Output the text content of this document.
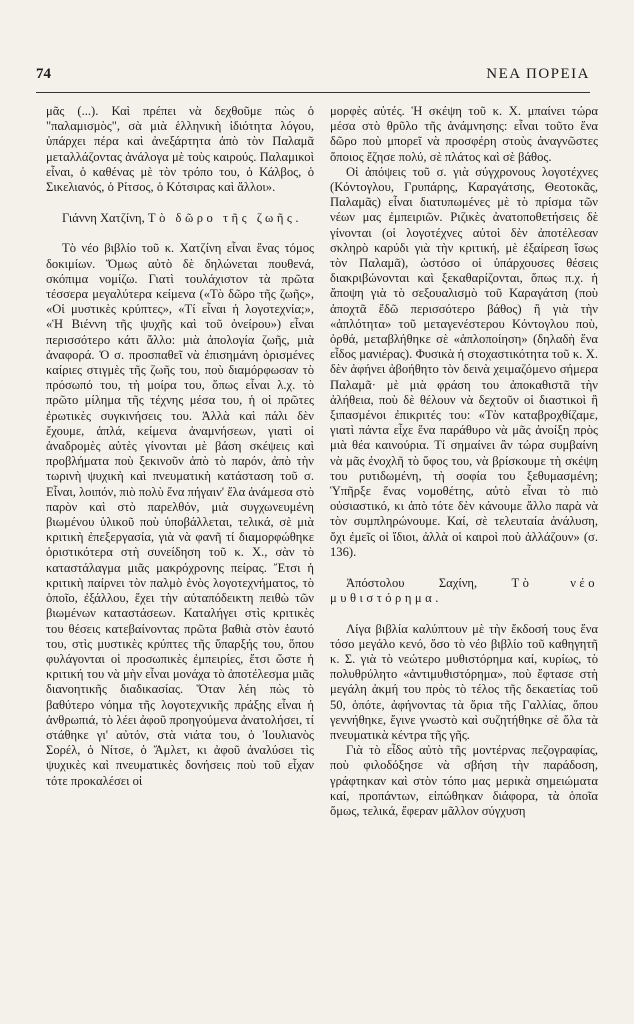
74	ΝΕΑ ΠΟΡΕΙΑ

μᾶς (...). Καὶ πρέπει νὰ δεχθοῦμε πὼς ὁ "παλαμισμὸς", σὰ μιὰ ἑλληνικὴ ἰδιότητα λόγου, ὑπάρχει πέρα καὶ ἀνεξάρτητα ἀπὸ τὸν Παλαμᾶ μεταλλάζοντας ἀνάλογα μὲ τοὺς καιρούς. Παλαμικοὶ εἶναι, ὁ καθένας μὲ τὸν τρόπο του, ὁ Κάλβος, ὁ Σικελιανός, ὁ Ρίτσος, ὁ Κότσιρας καὶ ἄλλοι».

Γιάννη Χατζίνη, Τὸ δῶρο τῆς ζωῆς.

Τὸ νέο βιβλίο τοῦ κ. Χατζίνη εἶναι ἕνας τόμος δοκιμίων. Ὅμως αὐτὸ δὲ δηλώνεται πουθενά, σκόπιμα νομίζω. Γιατὶ τουλάχιστον τὰ πρῶτα τέσσερα μεγαλύτερα κείμενα («Τὸ δῶρο τῆς ζωῆς», «Οἱ μυστικὲς κρύπτες», «Τί εἶναι ἡ λογοτεχνία;», «Ἡ Βιέννη τῆς ψυχῆς καὶ τοῦ ὀνείρου») εἶναι περισσότερο κάτι ἄλλο: μιὰ ἀπολογία ζωῆς, μιὰ ἀναφορά. Ὁ σ. προσπαθεῖ νὰ ἐπισημάνη ὁρισμένες καίριες στιγμὲς τῆς ζωῆς του, ποὺ διαμόρφωσαν τὸ πρόσωπό του, τὴ μοίρα του, ὅπως εἶναι λ.χ. τὸ πρῶτο μίλημα τῆς τέχνης μέσα του, ἡ οἱ πρῶτες ἐρωτικὲς συγκινήσεις του. Ἀλλὰ καὶ πάλι δὲν ἔχουμε, ἁπλά, κείμενα ἀναμνήσεων, γιατὶ οἱ ἀναδρομὲς αὐτὲς γίνονται μὲ βάση σκέψεις καὶ προβλήματα ποὺ ξεκινοῦν ἀπὸ τὸ παρόν, ἀπὸ τὴν τωρινὴ ψυχικὴ καὶ πνευματικὴ κατάσταση τοῦ σ. Εἶναι, λοιπόν, πιὸ πολὺ ἕνα πήγαιν' ἔλα ἀνάμεσα στὸ παρὸν καὶ στὸ παρελθόν, μιὰ συγχωνευμένη βιωμένου ὑλικοῦ ποὺ ὑποβάλλεται, τελικά, σὲ μιὰ κριτικὴ ἐπεξεργασία, γιὰ νὰ φανῆ τί διαμορφώθηκε ὁριστικότερα στὴ συνείδηση τοῦ κ. Χ., σὰν τὸ καταστάλαγμα μιᾶς μακρόχρονης πείρας. Ἔτσι ἡ κριτικὴ παίρνει τὸν παλμὸ ἑνὸς λογοτεχνήματος, τὸ ὁποῖο, ἐξάλλου, ἔχει τὴν αὐταπόδεικτη πειθὼ τῶν βιωμένων καταστάσεων. Καταλήγει στὶς κριτικὲς του θέσεις κατεβαίνοντας πρῶτα βαθιὰ στὸν ἑαυτό του, στὶς μυστικὲς κρύπτες τῆς ὕπαρξής του, ὅπου φυλάγονται οἱ προσωπικὲς ἐμπειρίες, ἔτσι ὥστε ἡ κριτική του νὰ μὴν εἶναι μονάχα τὸ ἀποτέλεσμα μιᾶς διανοητικῆς διαδικασίας. Ὅταν λέη πὼς τὸ βαθύτερο νόημα τῆς λογοτεχνικῆς πράξης εἶναι ἡ ἀνθρωπιά, τὸ λέει ἀφοῦ προηγούμενα ἀνατολήσει, τί στάθηκε γι' αὐτόν, στὰ νιάτα του, ὁ Ἰουλιανὸς Σορέλ, ὁ Νίτσε, ὁ Ἄμλετ, κι ἀφοῦ ἀναλύσει τὶς ψυχικὲς καὶ πνευματικὲς δονήσεις ποὺ τοῦ εἶχαν τότε προκαλέσει οἱ

μορφὲς αὐτές. Ἡ σκέψη τοῦ κ. Χ. μπαίνει τώρα μέσα στὸ θρῦλο τῆς ἀνάμνησης: εἶναι τοῦτο ἕνα δῶρο ποὺ μπορεῖ νὰ προσφέρη στοὺς ἀναγνῶστες ὅποιος ἔζησε πολύ, σὲ πλάτος καὶ σὲ βάθος.

Οἱ ἀπόψεις τοῦ σ. γιὰ σύγχρονους λογοτέχνες (Κόντογλου, Γρυπάρης, Καραγάτσης, Θεοτοκᾶς, Παλαμᾶς) εἶναι διατυπωμένες μὲ τὸ πρίσμα τῶν νέων μας ἐμπειριῶν. Ριζικὲς ἀνατοποθετήσεις δὲ γίνονται (οἱ λογοτέχνες αὐτοὶ δὲν ἀποτέλεσαν σκληρὸ καρύδι γιὰ τὴν κριτική, μὲ ἐξαίρεση ἴσως τὸν Παλαμᾶ), ὡστόσο οἱ ὑπάρχουσες θέσεις διακριβώνονται καὶ ξεκαθαρίζονται, ὅπως π.χ. ἡ ἄποψη γιὰ τὸ σεξουαλισμὸ τοῦ Καραγάτση (ποὺ ἀποχτᾶ ἔδῶ περισσότερο βάθος) ἢ γιὰ τὴν «ἁπλότητα» τοῦ μεταγενέστερου Κόντογλου ποὺ, ὀρθά, μεταβλήθηκε σὲ «ἁπλοποίηση» (δηλαδὴ ἕνα εἶδος μανιέρας). Φυσικὰ ἡ στοχαστικότητα τοῦ κ. Χ. δὲν ἀφήνει ἀβοήθητο τὸν δεινὰ χειμαζόμενο σήμερα Παλαμᾶ· μὲ μιὰ φράση του ἀποκαθιστᾶ τὴν ἀλήθεια, ποὺ δὲ θέλουν νὰ δεχτοῦν οἱ διαστικοὶ ἢ ξιπασμένοι ἐπικριτές του: «Τὸν καταβροχθίζαμε, γιατὶ πάντα εἶχε ἕνα παράθυρο νὰ μᾶς ἀνοίξη πρὸς μιὰ θέα καινούρια. Τί σημαίνει ἂν τώρα συμβαίνη νὰ μᾶς ἐνοχλῆ τὸ ὕφος του, νὰ βρίσκουμε τὴ σκέψη του ρυτιδωμένη, τὴ σοφία του ξεθυμασμένη; Ὑπῆρξε ἕνας νομοθέτης, αὐτὸ εἶναι τὸ πιὸ οὐσιαστικό, κι ἀπὸ τότε δὲν κάνουμε ἄλλο παρὰ νὰ τὸν συμπληρώνουμε. Καί, σὲ τελευταία ἀνάλυση, ὄχι ἐμεῖς οἱ ἴδιοι, ἀλλὰ οἱ καιροὶ ποὺ ἀλλάζουν» (σ. 136).

Ἀπόστολου Σαχίνη,	Τὸ νέο μυθιστόρημα.

Λίγα βιβλία καλύπτουν μὲ τὴν ἔκδοσή τους ἕνα τόσο μεγάλο κενό, ὅσο τὸ νέο βιβλίο τοῦ καθηγητῆ κ. Σ. γιὰ τὸ νεώτερο μυθιστόρημα καί, κυρίως, τὸ πολυθρύλητο «ἀντιμυθιστόρημα», ποὺ ἔφτασε στὴ μεγάλη ἀκμή του πρὸς τὸ τέλος τῆς δεκαετίας τοῦ 50, ὁπότε, ἀφήνοντας τὰ ὅρια τῆς Γαλλίας, ὅπου γεννήθηκε, ἔγινε γνωστὸ καὶ συζητήθηκε σὲ ὅλα τὰ πνευματικὰ κέντρα τῆς γῆς.

Γιὰ τὸ εἶδος αὐτὸ τῆς μοντέρνας πεζογραφίας, ποὺ φιλοδόξησε νὰ σβήση τὴν παράδοση, γράφτηκαν καὶ στὸν τόπο μας μερικὰ σημειώματα καί, προπάντων, εἰπώθηκαν διάφορα, τὰ ὁποῖα ὅμως, τελικά, ἔφεραν μᾶλλον σύγχυση
